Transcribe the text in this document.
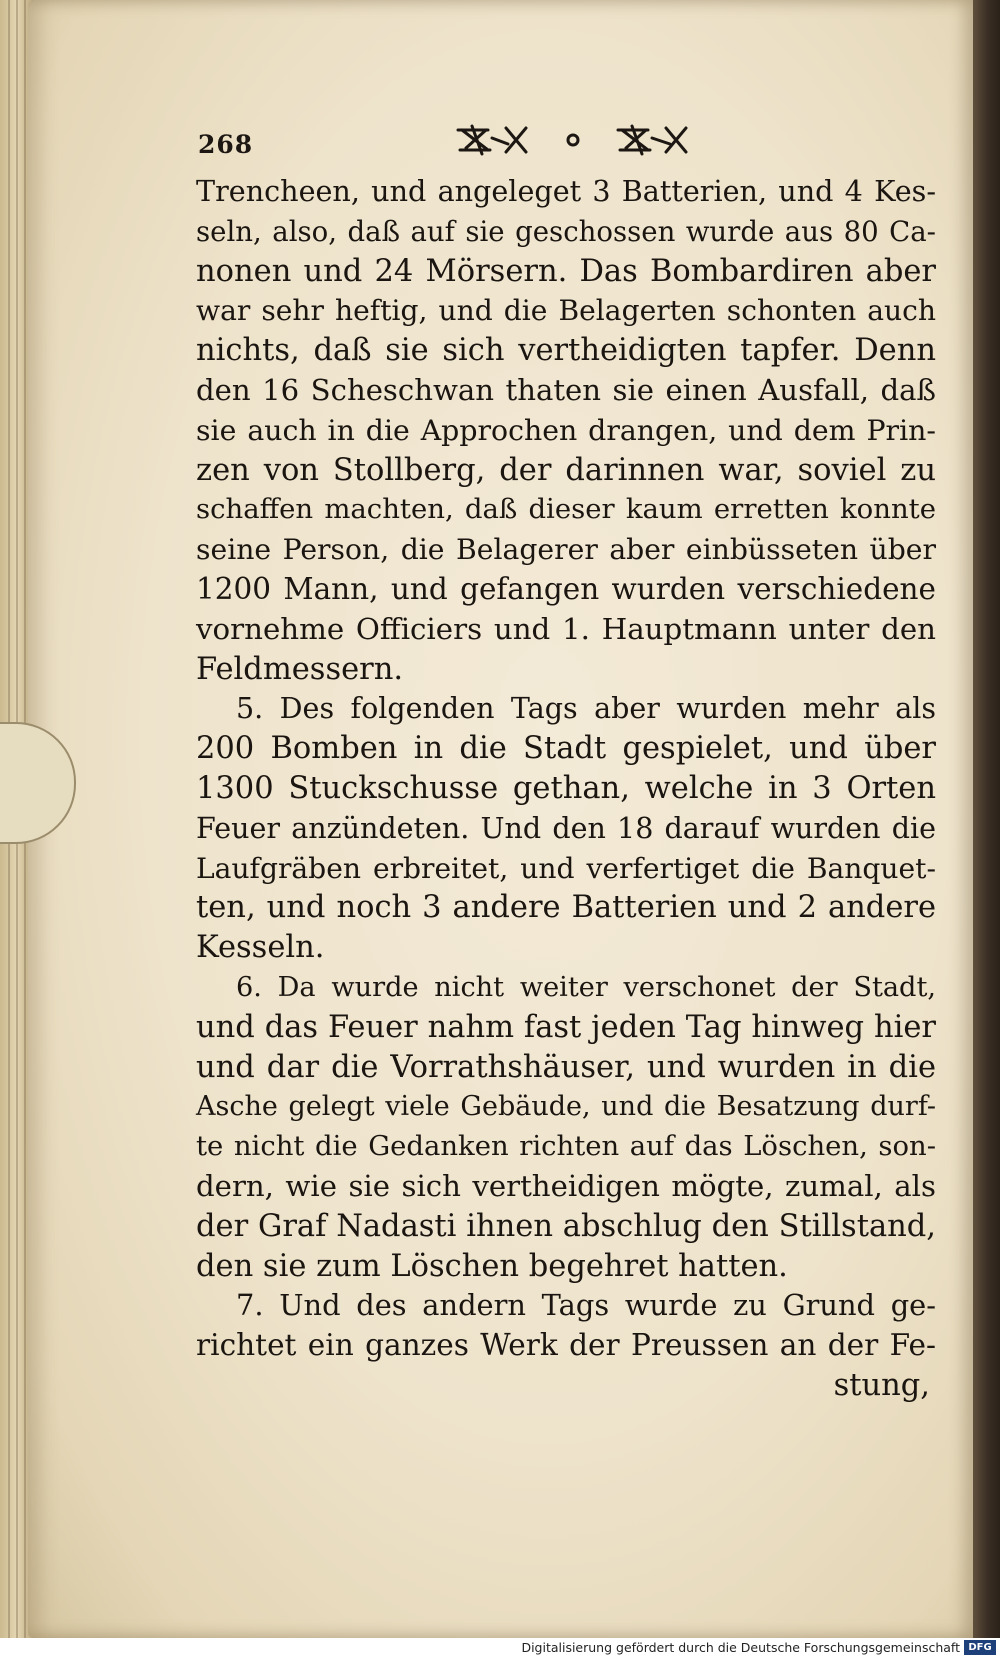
268
Trencheen, und angeleget 3 Batterien, und 4 Kes-
seln, also, daß auf sie geschossen wurde aus 80 Ca-
nonen und 24 Mörsern. Das Bombardiren aber
war sehr heftig, und die Belagerten schonten auch
nichts, daß sie sich vertheidigten tapfer. Denn
den 16 Scheschwan thaten sie einen Ausfall, daß
sie auch in die Approchen drangen, und dem Prin-
zen von Stollberg, der darinnen war, soviel zu
schaffen machten, daß dieser kaum erretten konnte
seine Person, die Belagerer aber einbüsseten über
1200 Mann, und gefangen wurden verschiedene
vornehme Officiers und 1. Hauptmann unter den
Feldmessern.
5. Des folgenden Tags aber wurden mehr als
200 Bomben in die Stadt gespielet, und über
1300 Stuckschusse gethan, welche in 3 Orten
Feuer anzündeten. Und den 18 darauf wurden die
Laufgräben erbreitet, und verfertiget die Banquet-
ten, und noch 3 andere Batterien und 2 andere
Kesseln.
6. Da wurde nicht weiter verschonet der Stadt,
und das Feuer nahm fast jeden Tag hinweg hier
und dar die Vorrathshäuser, und wurden in die
Asche gelegt viele Gebäude, und die Besatzung durf-
te nicht die Gedanken richten auf das Löschen, son-
dern, wie sie sich vertheidigen mögte, zumal, als
der Graf Nadasti ihnen abschlug den Stillstand,
den sie zum Löschen begehret hatten.
7. Und des andern Tags wurde zu Grund ge-
richtet ein ganzes Werk der Preussen an der Fe-
stung,
Digitalisierung gefördert durch die Deutsche Forschungsgemeinschaft DFG
